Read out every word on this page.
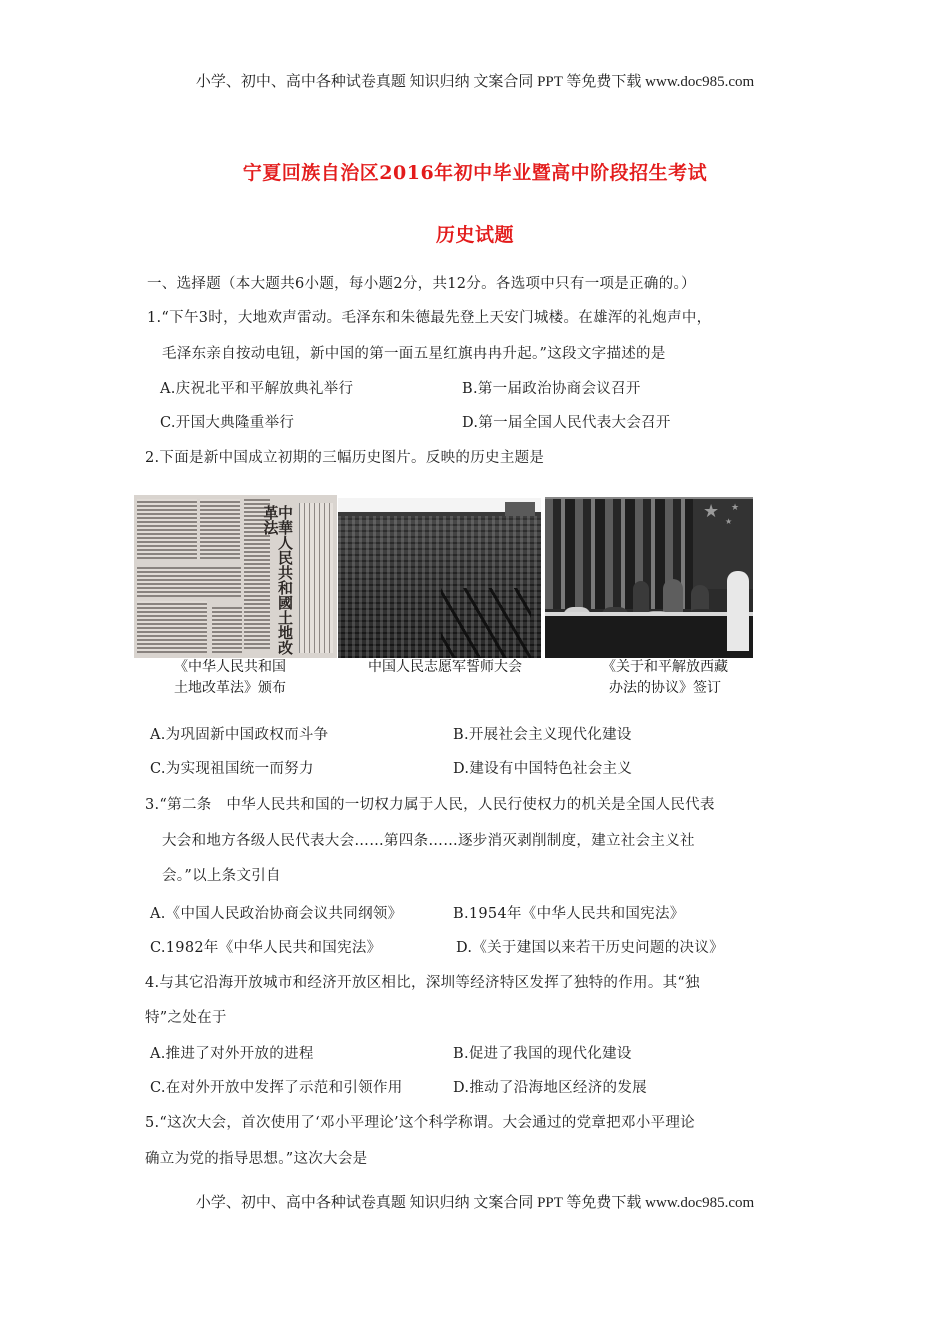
小学、初中、高中各种试卷真题 知识归纳 文案合同 PPT 等免费下载 www.doc985.com
宁夏回族自治区2016年初中毕业暨高中阶段招生考试
历史试题
一、选择题（本大题共6小题，每小题2分，共12分。各选项中只有一项是正确的。）
1.“下午3时，大地欢声雷动。毛泽东和朱德最先登上天安门城楼。在雄浑的礼炮声中，
毛泽东亲自按动电钮，新中国的第一面五星红旗冉冉升起。”这段文字描述的是
A.庆祝北平和平解放典礼举行	B.第一届政治协商会议召开
C.开国大典隆重举行	D.第一届全国人民代表大会召开
2.下面是新中国成立初期的三幅历史图片。反映的历史主题是
中華人民共和國土地改革法
《中华人民共和国
土地改革法》颁布
中国人民志愿军誓师大会
★ ★
★
《关于和平解放西藏
办法的协议》签订
A.为巩固新中国政权而斗争	B.开展社会主义现代化建设
C.为实现祖国统一而努力	D.建设有中国特色社会主义
3.“第二条　中华人民共和国的一切权力属于人民，人民行使权力的机关是全国人民代表
大会和地方各级人民代表大会……第四条……逐步消灭剥削制度，建立社会主义社
会。”以上条文引自
A.《中国人民政治协商会议共同纲领》	B.1954年《中华人民共和国宪法》
C.1982年《中华人民共和国宪法》	D.《关于建国以来若干历史问题的决议》
4.与其它沿海开放城市和经济开放区相比，深圳等经济特区发挥了独特的作用。其“独
特”之处在于
A.推进了对外开放的进程	B.促进了我国的现代化建设
C.在对外开放中发挥了示范和引领作用	D.推动了沿海地区经济的发展
5.“这次大会，首次使用了‘邓小平理论’这个科学称谓。大会通过的党章把邓小平理论
确立为党的指导思想。”这次大会是
小学、初中、高中各种试卷真题 知识归纳 文案合同 PPT 等免费下载 www.doc985.com
